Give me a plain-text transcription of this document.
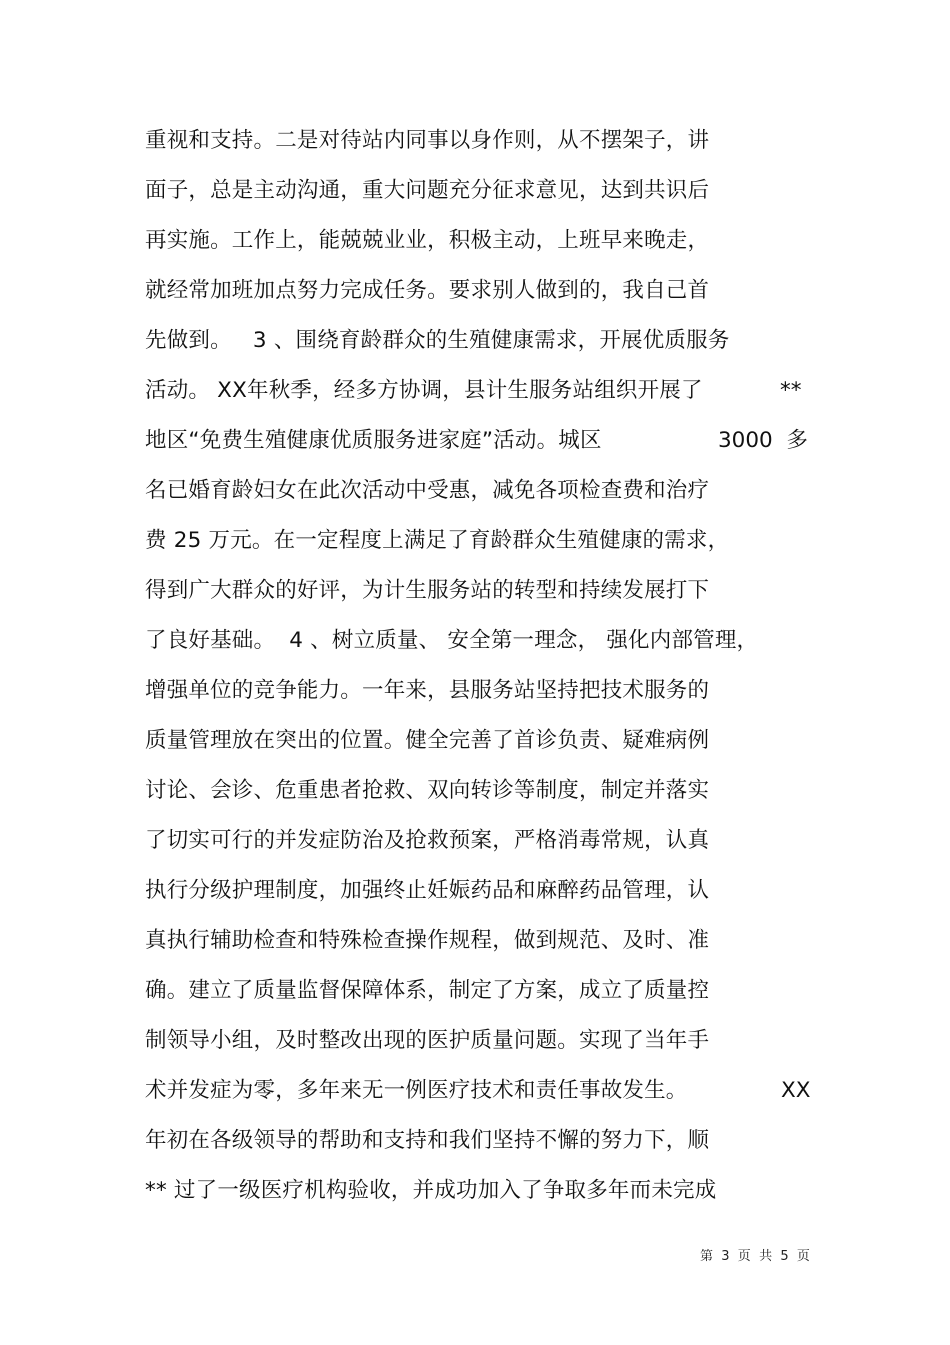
重视和支持。二是对待站内同事以身作则，从不摆架子，讲
面子，总是主动沟通，重大问题充分征求意见，达到共识后
再实施。工作上，能兢兢业业，积极主动，上班早来晚走，
就经常加班加点努力完成任务。要求别人做到的，我自己首
先做到。   3 、围绕育龄群众的生殖健康需求，开展优质服务
活动。 XX年秋季，经多方协调，县计生服务站组织开展了	**
地区“免费生殖健康优质服务进家庭”活动。城区	3000  多
名已婚育龄妇女在此次活动中受惠，减免各项检查费和治疗
费 25 万元。在一定程度上满足了育龄群众生殖健康的需求，
得到广大群众的好评，为计生服务站的转型和持续发展打下
了良好基础。  4 、树立质量、 安全第一理念， 强化内部管理，
增强单位的竞争能力。一年来，县服务站坚持把技术服务的
质量管理放在突出的位置。健全完善了首诊负责、疑难病例
讨论、会诊、危重患者抢救、双向转诊等制度，制定并落实
了切实可行的并发症防治及抢救预案，严格消毒常规，认真
执行分级护理制度，加强终止妊娠药品和麻醉药品管理，认
真执行辅助检查和特殊检查操作规程，做到规范、及时、准
确。建立了质量监督保障体系，制定了方案，成立了质量控
制领导小组，及时整改出现的医护质量问题。实现了当年手
术并发症为零，多年来无一例医疗技术和责任事故发生。	XX
年初在各级领导的帮助和支持和我们坚持不懈的努力下，顺
** 过了一级医疗机构验收，并成功加入了争取多年而未完成
第  3  页  共  5  页
